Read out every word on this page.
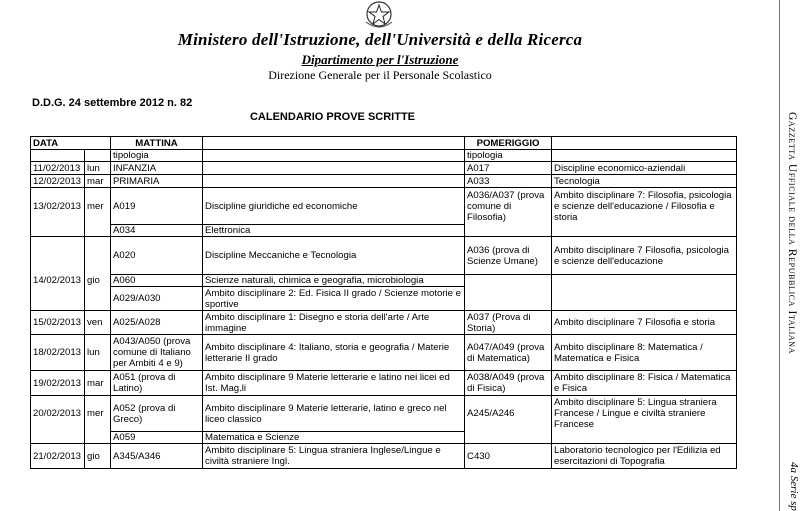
Ministero dell'Istruzione, dell'Università e della Ricerca
Dipartimento per l'Istruzione
Direzione Generale per il Personale Scolastico
D.D.G. 24 settembre 2012 n. 82
CALENDARIO PROVE SCRITTE	Gazzetta Ufficiale della Repubblica Italiana
4a Serie sp
DATA		MATTINA		POMERIGGIO	
		tipologia		tipologia	
11/02/2013	lun	INFANZIA		A017	Discipline economico-aziendali
12/02/2013	mar	PRIMARIA		A033	Tecnologia
13/02/2013	mer	A019	Discipline giuridiche ed economiche	A036/A037 (prova comune di Filosofia)	Ambito disciplinare 7: Filosofia, psicologia e scienze dell'educazione / Filosofia e storia
		A034	Elettronica		
		A020	Discipline Meccaniche e Tecnologia	A036 (prova di Scienze Umane)	Ambito disciplinare 7 Filosofia, psicologia e scienze dell'educazione
14/02/2013	gio	A060	Scienze naturali, chimica e geografia, microbiologia		
		A029/A030	Ambito disciplinare 2: Ed. Fisica II grado / Scienze motorie e sportive		
15/02/2013	ven	A025/A028	Ambito disciplinare 1: Disegno e storia dell'arte / Arte immagine	A037 (Prova di Storia)	Ambito disciplinare 7 Filosofia e storia
18/02/2013	lun	A043/A050 (prova comune di Italiano per Ambiti 4 e 9)	Ambito disciplinare 4: Italiano, storia e geografia / Materie letterarie II grado	A047/A049 (prova di Matematica)	Ambito disciplinare 8: Matematica / Matematica e Fisica
19/02/2013	mar	A051 (prova di Latino)	Ambito disciplinare 9 Materie letterarie e latino nei licei ed Ist. Mag.li	A038/A049 (prova di Fisica)	Ambito disciplinare 8: Fisica / Matematica e Fisica
20/02/2013	mer	A052 (prova di Greco)	Ambito disciplinare 9 Materie letterarie, latino e greco nel liceo classico	A245/A246	Ambito disciplinare 5: Lingua straniera Francese / Lingue e civiltà straniere Francese
		A059	Matematica e Scienze		
21/02/2013	gio	A345/A346	Ambito disciplinare 5: Lingua straniera Inglese/Lingue e civiltà straniere Ingl.	C430	Laboratorio tecnologico per l'Edilizia ed esercitazioni di Topografia
